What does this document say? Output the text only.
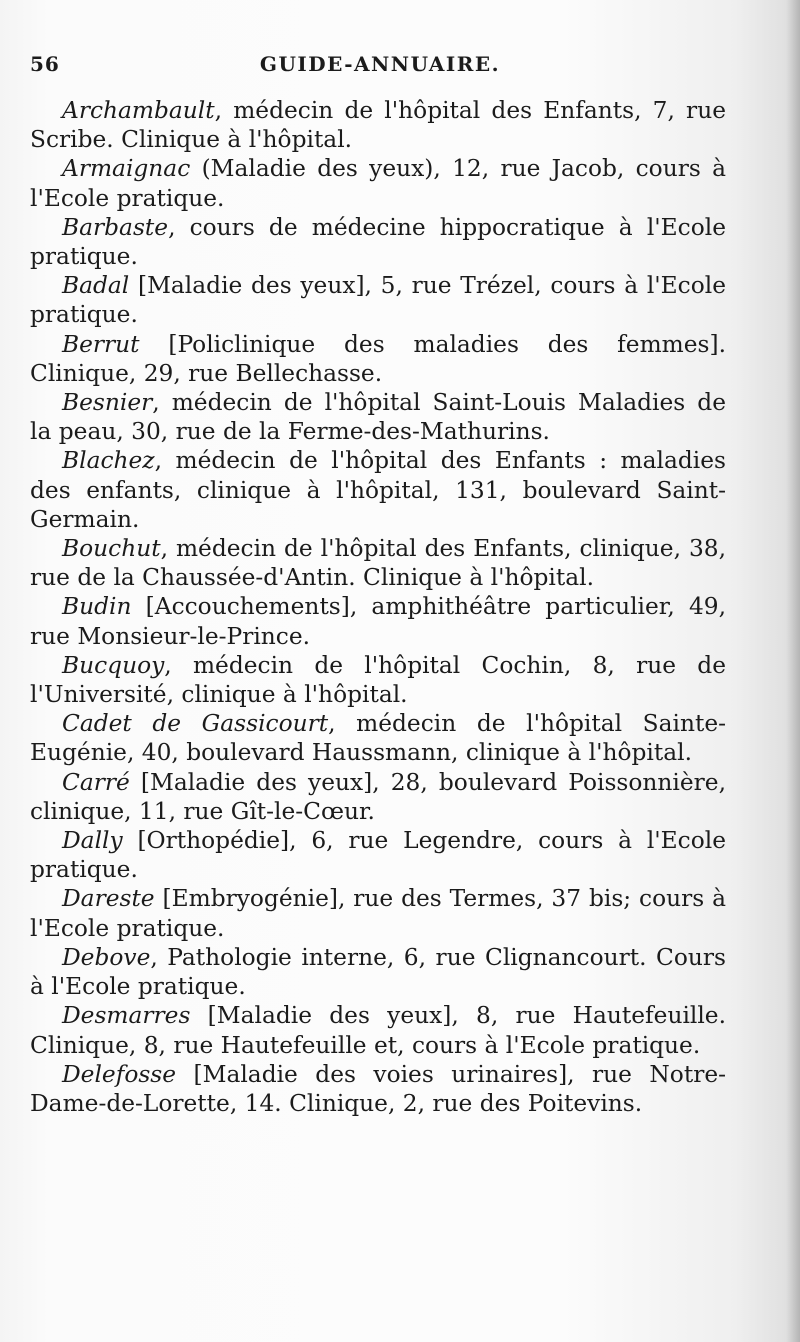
56	GUIDE-ANNUAIRE.

Archambault, médecin de l'hôpital des Enfants, 7, rue Scribe. Clinique à l'hôpital.

Armaignac (Maladie des yeux), 12, rue Jacob, cours à l'Ecole pratique.

Barbaste, cours de médecine hippocratique à l'Ecole pratique.

Badal [Maladie des yeux], 5, rue Trézel, cours à l'Ecole pratique.

Berrut [Policlinique des maladies des femmes]. Clinique, 29, rue Bellechasse.

Besnier, médecin de l'hôpital Saint-Louis Maladies de la peau, 30, rue de la Ferme-des-Mathurins.

Blachez, médecin de l'hôpital des Enfants : maladies des enfants, clinique à l'hôpital, 131, boulevard Saint-Germain.

Bouchut, médecin de l'hôpital des Enfants, clinique, 38, rue de la Chaussée-d'Antin. Clinique à l'hôpital.

Budin [Accouchements], amphithéâtre particulier, 49, rue Monsieur-le-Prince.

Bucquoy, médecin de l'hôpital Cochin, 8, rue de l'Université, clinique à l'hôpital.

Cadet de Gassicourt, médecin de l'hôpital Sainte-Eugénie, 40, boulevard Haussmann, clinique à l'hôpital.

Carré [Maladie des yeux], 28, boulevard Poissonnière, clinique, 11, rue Gît-le-Cœur.

Dally [Orthopédie], 6, rue Legendre, cours à l'Ecole pratique.

Dareste [Embryogénie], rue des Termes, 37 bis; cours à l'Ecole pratique.

Debove, Pathologie interne, 6, rue Clignancourt. Cours à l'Ecole pratique.

Desmarres [Maladie des yeux], 8, rue Hautefeuille. Clinique, 8, rue Hautefeuille et, cours à l'Ecole pratique.

Delefosse [Maladie des voies urinaires], rue Notre-Dame-de-Lorette, 14. Clinique, 2, rue des Poitevins.
